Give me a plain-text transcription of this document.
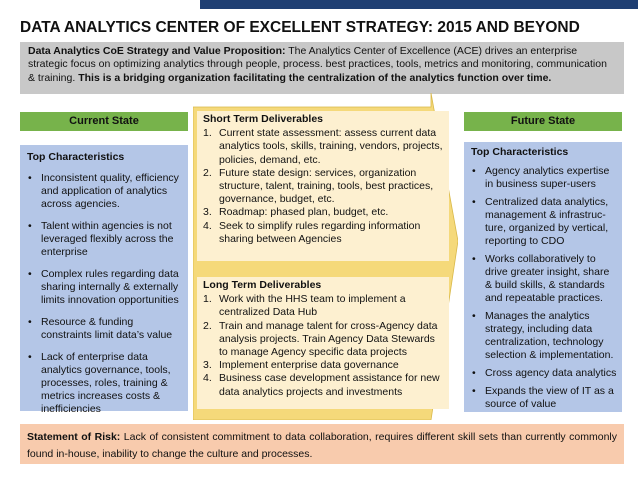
DATA ANALYTICS CENTER OF EXCELLENT STRATEGY: 2015 AND BEYOND
Data Analytics CoE Strategy and Value Proposition: The Analytics Center of Excellence (ACE) drives an enterprise strategic focus on optimizing analytics through people, process. best practices, tools, metrics and monitoring, communication & training. This is a bridging organization facilitating the centralization of the analytics function over time.
Current State	Future State
Top Characteristics
• Inconsistent quality, efficiency and application of analytics across agencies.
• Talent within agencies is not leveraged flexibly across the enterprise
• Complex rules regarding data sharing internally & externally limits innovation opportunities
• Resource & funding constraints limit data’s value
• Lack of enterprise data analytics governance, tools, processes, roles, training & metrics increases costs & inefficiencies
Short Term Deliverables
1. Current state assessment: assess current data analytics tools, skills, training, vendors, projects, policies, demand, etc.
2. Future state design: services, organization structure, talent, training, tools, best practices, governance, budget, etc.
3. Roadmap: phased plan, budget, etc.
4. Seek to simplify rules regarding information sharing between Agencies
Long Term Deliverables
1. Work with the HHS team to implement a centralized Data Hub
2. Train and manage talent for cross-Agency data analysis projects. Train Agency Data Stewards to manage Agency specific data projects
3. Implement enterprise data governance
4. Business case development assistance for new data analytics projects and investments
Top Characteristics
• Agency analytics expertise in business super-users
• Centralized data analytics, management & infrastruc-ture, organized by vertical, reporting to CDO
• Works collaboratively to drive greater insight, share & build skills, & standards and repeatable practices.
• Manages the analytics strategy, including data centralization, technology selection & implementation.
• Cross agency data analytics
• Expands the view of IT as a source of value
Statement of Risk: Lack of consistent commitment to data collaboration, requires different skill sets than currently commonly found in-house, inability to change the culture and processes.
